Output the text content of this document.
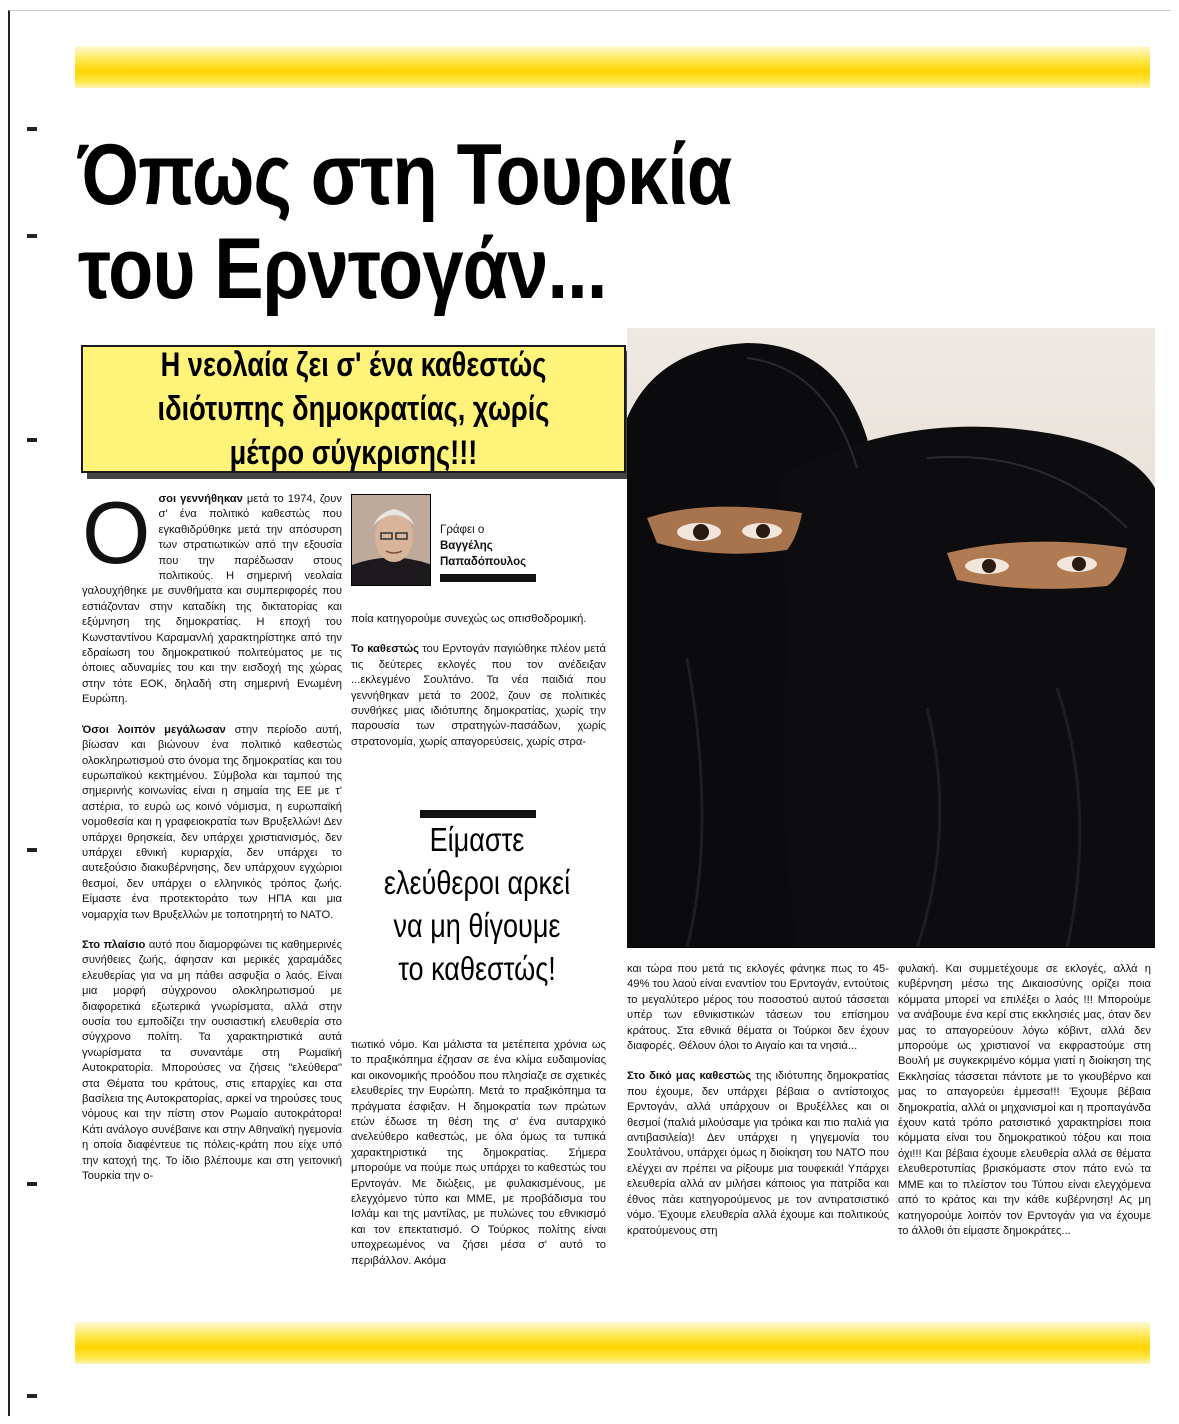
Όπως στη Τουρκία
του Ερντογάν...
Η νεολαία ζει σ' ένα καθεστώς ιδιότυπης δημοκρατίας, χωρίς μέτρο σύγκρισης!!!

Ο σοι γεννήθηκαν μετά το 1974, ζουν σ' ένα πολιτικό καθεστώς που εγκαθιδρύθηκε μετά την απόσυρση των στρατιωτικών από την εξουσία που την παρέδωσαν στους πολιτικούς. Η σημερινή νεολαία γαλουχήθηκε με συνθήματα και συμπεριφορές που εστιάζονταν στην καταδίκη της δικτατορίας και εξύμνηση της δημοκρατίας. Η εποχή του Κωνσταντίνου Καραμανλή χαρακτηρίστηκε από την εδραίωση του δημοκρατικού πολιτεύματος με τις όποιες αδυναμίες του και την εισδοχή της χώρας στην τότε ΕΟΚ, δηλαδή στη σημερινή Ενωμένη Ευρώπη.

Όσοι λοιπόν μεγάλωσαν στην περίοδο αυτή, βίωσαν και βιώνουν ένα πολιτικό καθεστώς ολοκληρωτισμού στο όνομα της δημοκρατίας και του ευρωπαϊκού κεκτημένου. Σύμβολα και ταμπού της σημερινής κοινωνίας είναι η σημαία της ΕΕ με τ' αστέρια, το ευρώ ως κοινό νόμισμα, η ευρωπαϊκή νομοθεσία και η γραφειοκρατία των Βρυξελλών! Δεν υπάρχει θρησκεία, δεν υπάρχει χριστιανισμός, δεν υπάρχει εθνική κυριαρχία, δεν υπάρχει το αυτεξούσιο διακυβέρνησης, δεν υπάρχουν εγχώριοι θεσμοί, δεν υπάρχει ο ελληνικός τρόπος ζωής. Είμαστε ένα προτεκτοράτο των ΗΠΑ και μια νομαρχία των Βρυξελλών με τοποτηρητή το ΝΑΤΟ.

Στο πλαίσιο αυτό που διαμορφώνει τις καθημερινές συνήθειες ζωής, άφησαν και μερικές χαραμάδες ελευθερίας για να μη πάθει ασφυξία ο λαός. Είναι μια μορφή σύγχρονου ολοκληρωτισμού με διαφορετικά εξωτερικά γνωρίσματα, αλλά στην ουσία του εμποδίζει την ουσιαστική ελευθερία στο σύγχρονο πολίτη. Τα χαρακτηριστικά αυτά γνωρίσματα τα συναντάμε στη Ρωμαϊκή Αυτοκρατορία. Μπορούσες να ζήσεις "ελεύθερα" στα Θέματα του κράτους, στις επαρχίες και στα βασίλεια της Αυτοκρατορίας, αρκεί να τηρούσες τους νόμους και την πίστη στον Ρωμαίο αυτοκράτορα! Κάτι ανάλογο συνέβαινε και στην Αθηναϊκή ηγεμονία η οποία διαφέντευε τις πόλεις-κράτη που είχε υπό την κατοχή της. Το ίδιο βλέπουμε και στη γειτονική Τουρκία την ο-

Γράφει ο
Βαγγέλης
Παπαδόπουλος

ποία κατηγορούμε συνεχώς ως οπισθοδρομική.

Το καθεστώς του Ερντογάν παγιώθηκε πλέον μετά τις δεύτερες εκλογές που τον ανέδειξαν ...εκλεγμένο Σουλτάνο. Τα νέα παιδιά που γεννήθηκαν μετά το 2002, ζουν σε πολιτικές συνθήκες μιας ιδιότυπης δημοκρατίας, χωρίς την παρουσία των στρατηγών-πασάδων, χωρίς στρατονομία, χωρίς απαγορεύσεις, χωρίς στρα-

Είμαστε ελεύθεροι αρκεί να μη θίγουμε το καθεστώς!

τιωτικό νόμο. Και μάλιστα τα μετέπειτα χρόνια ως το πραξικόπημα έζησαν σε ένα κλίμα ευδαιμονίας και οικονομικής προόδου που πλησίαζε σε σχετικές ελευθερίες την Ευρώπη. Μετά το πραξικόπημα τα πράγματα έσφιξαν. Η δημοκρατία των πρώτων ετών έδωσε τη θέση της σ' ένα αυταρχικό ανελεύθερο καθεστώς, με όλα όμως τα τυπικά χαρακτηριστικά της δημοκρατίας. Σήμερα μπορούμε να πούμε πως υπάρχει το καθεστώς του Ερντογάν. Με διώξεις, με φυλακισμένους, με ελεγχόμενο τύπο και ΜΜΕ, με προβάδισμα του Ισλάμ και της μαντίλας, με πυλώνες του εθνικισμό και τον επεκτατισμό. Ο Τούρκος πολίτης είναι υποχρεωμένος να ζήσει μέσα σ' αυτό το περιβάλλον. Ακόμα

και τώρα που μετά τις εκλογές φάνηκε πως το 45-49% του λαού είναι εναντίον του Ερντογάν, εντούτοις το μεγαλύτερο μέρος του ποσοστού αυτού τάσσεται υπέρ των εθνικιστικών τάσεων του επίσημου κράτους. Στα εθνικά θέματα οι Τούρκοι δεν έχουν διαφορές. Θέλουν όλοι το Αιγαίο και τα νησιά...

Στο δικό μας καθεστώς της ιδιότυπης δημοκρατίας που έχουμε, δεν υπάρχει βέβαια ο αντίστοιχος Ερντογάν, αλλά υπάρχουν οι Βρυξέλλες και οι θεσμοί (παλιά μιλούσαμε για τρόικα και πιο παλιά για αντιβασιλεία)! Δεν υπάρχει η γηγεμονία του Σουλτάνου, υπάρχει όμως η διοίκηση του ΝΑΤΟ που ελέγχει αν πρέπει να ρίξουμε μια τουφεκιά! Υπάρχει ελευθερία αλλά αν μιλήσει κάποιος για πατρίδα και έθνος πάει κατηγορούμενος με τον αντιρατσιστικό νόμο. Έχουμε ελευθερία αλλά έχουμε και πολιτικούς κρατούμενους στη

φυλακή. Και συμμετέχουμε σε εκλογές, αλλά η κυβέρνηση μέσω της Δικαιοσύνης ορίζει ποια κόμματα μπορεί να επιλέξει ο λαός !!! Μπορούμε να ανάβουμε ένα κερί στις εκκλησιές μας, όταν δεν μας το απαγορεύουν λόγω κόβιντ, αλλά δεν μπορούμε ως χριστιανοί να εκφραστούμε στη Βουλή με συγκεκριμένο κόμμα γιατί η διοίκηση της Εκκλησίας τάσσεται πάντοτε με το γκουβέρνο και μας το απαγορεύει έμμεσα!!! Έχουμε βέβαια δημοκρατία, αλλά οι μηχανισμοί και η προπαγάνδα έχουν κατά τρόπο ρατσιστικό χαρακτηρίσει ποια κόμματα είναι του δημοκρατικού τόξου και ποια όχι!!! Και βέβαια έχουμε ελευθερία αλλά σε θέματα ελευθεροτυπίας βρισκόμαστε στον πάτο ενώ τα ΜΜΕ και το πλείστον του Τύπου είναι ελεγχόμενα από το κράτος και την κάθε κυβέρνηση! Ας μη κατηγορούμε λοιπόν τον Ερντογάν για να έχουμε το άλλοθι ότι είμαστε δημοκράτες...
